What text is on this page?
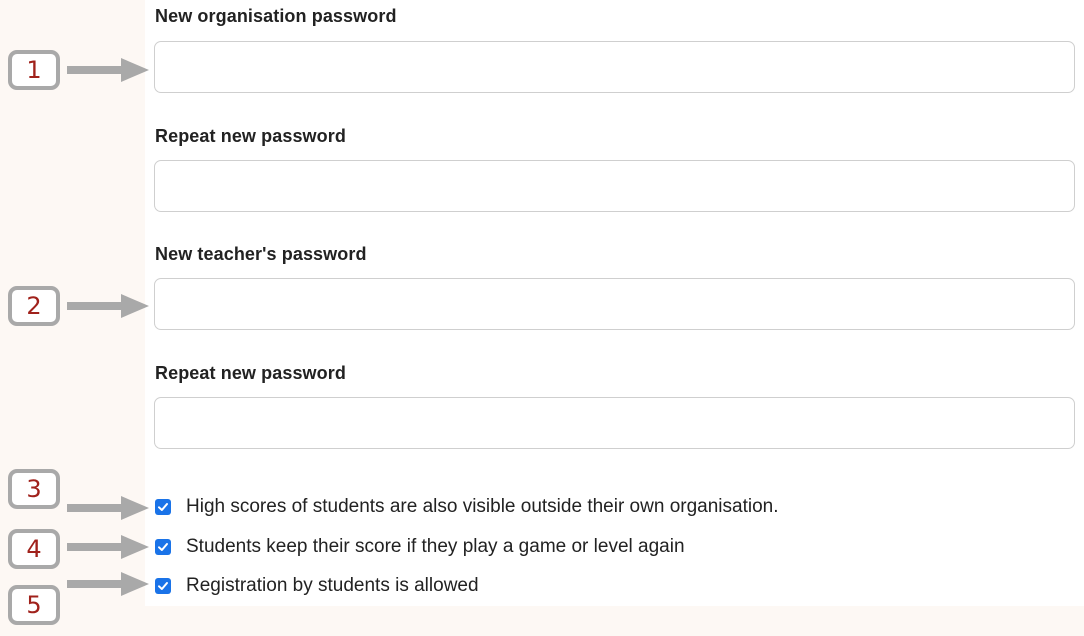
New organisation password
Repeat new password
New teacher's password
Repeat new password
High scores of students are also visible outside their own organisation.
Students keep their score if they play a game or level again
Registration by students is allowed
1
2
3
4
5
